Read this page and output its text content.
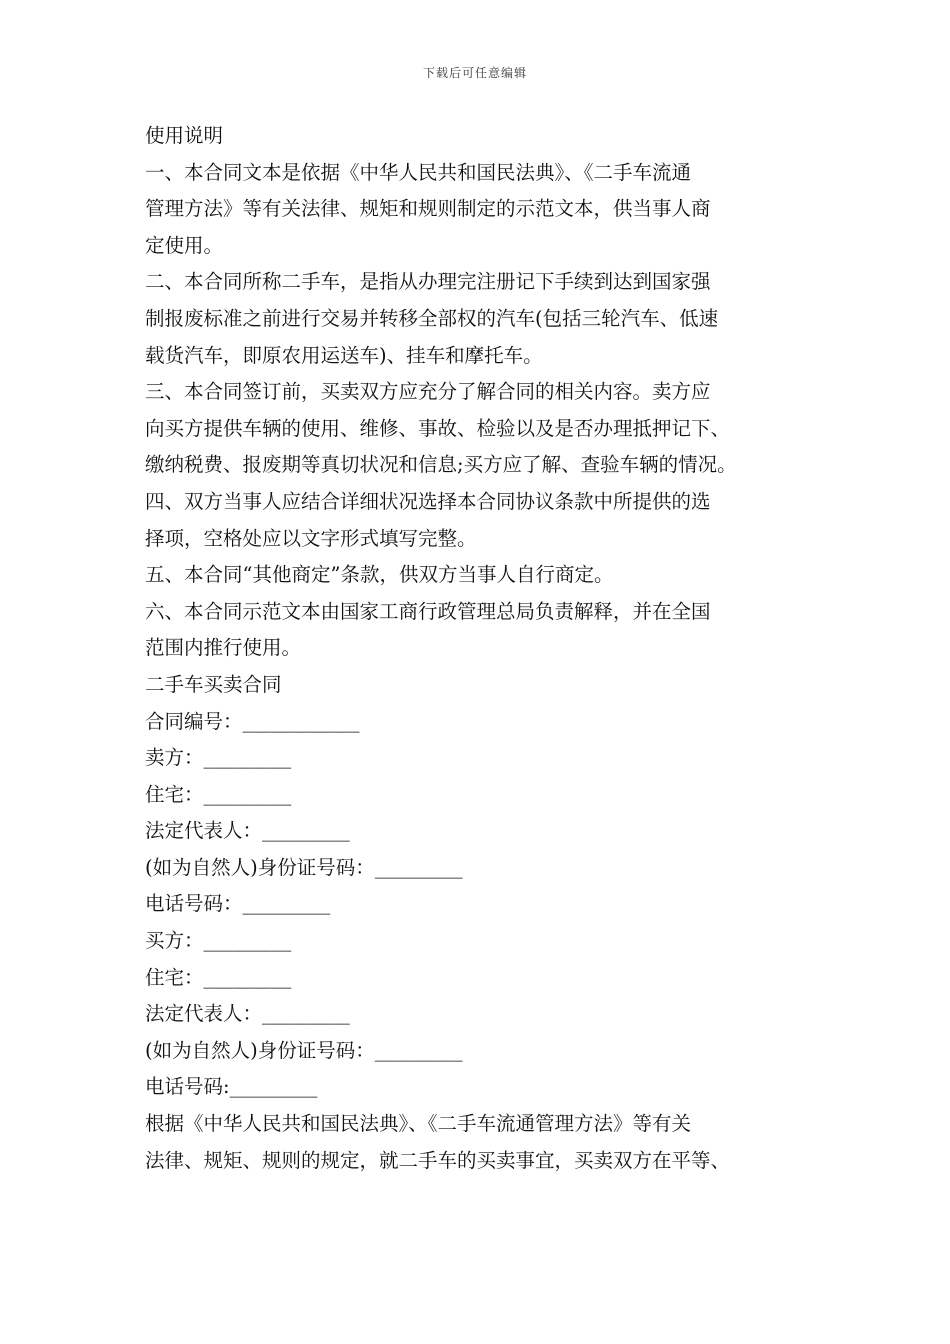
下载后可任意编辑
使用说明
一、本合同文本是依据《中华人民共和国民法典》、《二手车流通
管理方法》等有关法律、规矩和规则制定的示范文本，供当事人商
定使用。
二、本合同所称二手车，是指从办理完注册记下手续到达到国家强
制报废标准之前进行交易并转移全部权的汽车(包括三轮汽车、低速
载货汽车，即原农用运送车)、挂车和摩托车。
三、本合同签订前，买卖双方应充分了解合同的相关内容。卖方应
向买方提供车辆的使用、维修、事故、检验以及是否办理抵押记下、
缴纳税费、报废期等真切状况和信息;买方应了解、查验车辆的情况。
四、双方当事人应结合详细状况选择本合同协议条款中所提供的选
择项，空格处应以文字形式填写完整。
五、本合同“其他商定”条款，供双方当事人自行商定。
六、本合同示范文本由国家工商行政管理总局负责解释，并在全国
范围内推行使用。
二手车买卖合同
合同编号：____________
卖方：_________
住宅：_________
法定代表人：_________
(如为自然人)身份证号码：_________
电话号码：_________
买方：_________
住宅：_________
法定代表人：_________
(如为自然人)身份证号码：_________
电话号码:_________
根据《中华人民共和国民法典》、《二手车流通管理方法》等有关
法律、规矩、规则的规定，就二手车的买卖事宜，买卖双方在平等、
